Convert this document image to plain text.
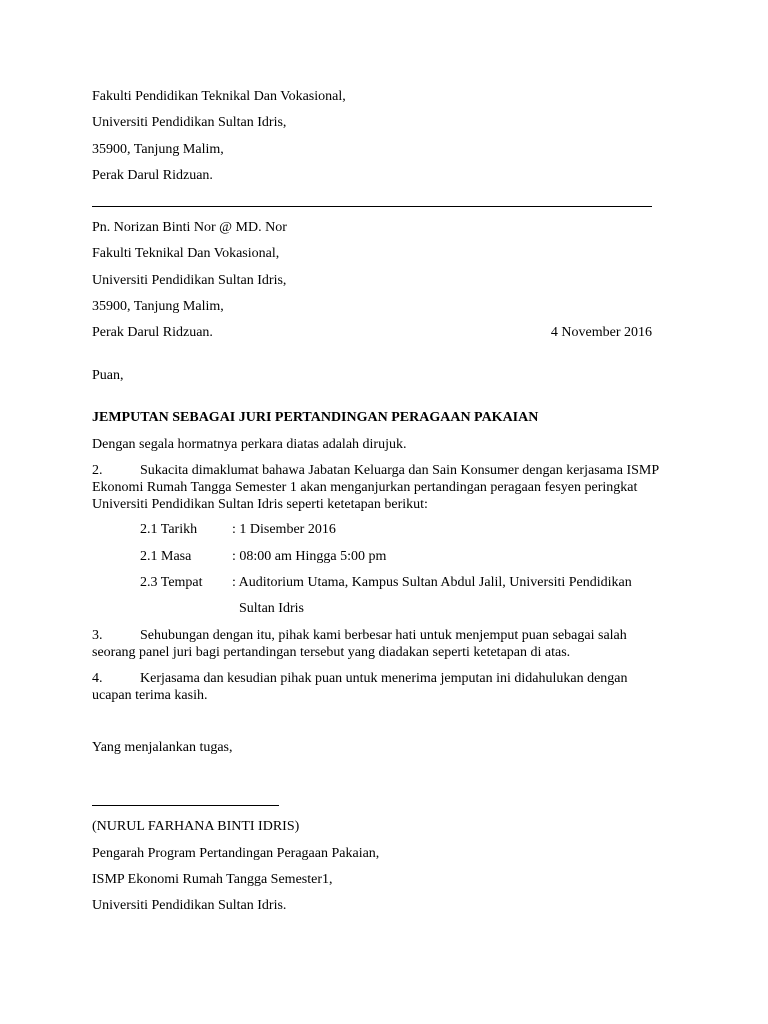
Fakulti Pendidikan Teknikal Dan Vokasional,
Universiti Pendidikan Sultan Idris,
35900, Tanjung Malim,
Perak Darul Ridzuan.
Pn. Norizan Binti Nor @ MD. Nor
Fakulti Teknikal Dan Vokasional,
Universiti Pendidikan Sultan Idris,
35900, Tanjung Malim,
Perak Darul Ridzuan.	4 November 2016
Puan,
JEMPUTAN SEBAGAI JURI PERTANDINGAN PERAGAAN PAKAIAN
Dengan segala hormatnya perkara diatas adalah dirujuk.
2.	Sukacita dimaklumat bahawa Jabatan Keluarga dan Sain Konsumer dengan kerjasama ISMP
Ekonomi Rumah Tangga Semester 1 akan menganjurkan pertandingan peragaan fesyen peringkat
Universiti Pendidikan Sultan Idris seperti ketetapan berikut:
2.1 Tarikh : 1 Disember 2016
2.1 Masa	: 08:00 am Hingga 5:00 pm
2.3 Tempat : Auditorium Utama, Kampus Sultan Abdul Jalil, Universiti Pendidikan
Sultan Idris
3.	Sehubungan dengan itu, pihak kami berbesar hati untuk menjemput puan sebagai salah
seorang panel juri bagi pertandingan tersebut yang diadakan seperti ketetapan di atas.
4.	Kerjasama dan kesudian pihak puan untuk menerima jemputan ini didahulukan dengan
ucapan terima kasih.
Yang menjalankan tugas,
(NURUL FARHANA BINTI IDRIS)
Pengarah Program Pertandingan Peragaan Pakaian,
ISMP Ekonomi Rumah Tangga Semester1,
Universiti Pendidikan Sultan Idris.
